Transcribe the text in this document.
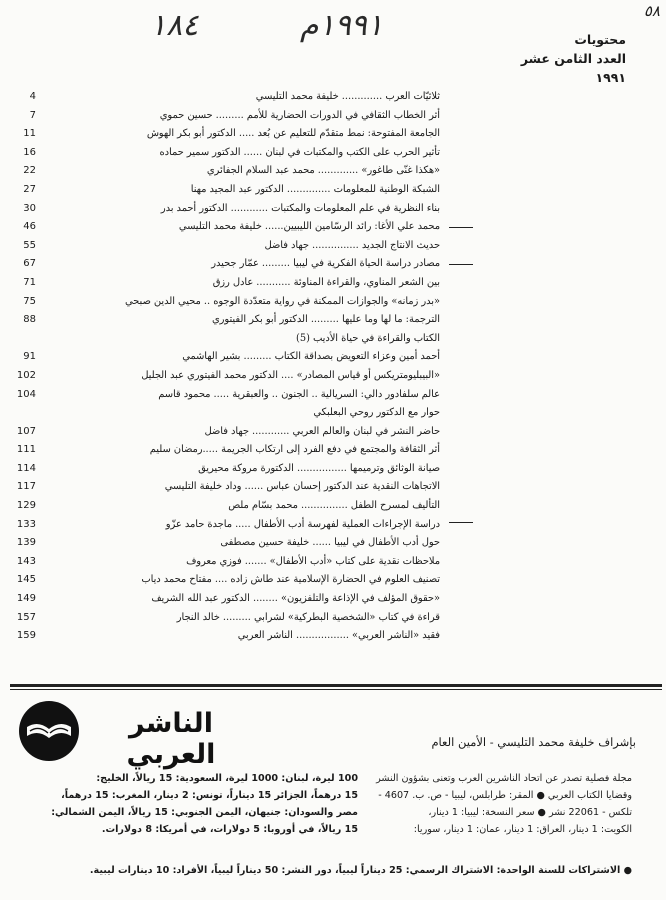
١٨٤	١٩٩١م	٥٨
محتويات
العدد الثامن عشر
١٩٩١
4	ثلاثيّات العرب ............. خليفة محمد التليسي
7	أثر الخطاب الثقافي في الدورات الحضارية للأمم ......... حسين حموي
11	الجامعة المفتوحة: نمط متقدّم للتعليم عن بُعد ..... الدكتور أبو بكر الهوش
16	تأثير الحرب على الكتب والمكتبات في لبنان ...... الدكتور سمير حماده
22	«هكذا غنّى طاغور» ............. محمد عبد السلام الجفائري
27	الشبكة الوطنية للمعلومات .............. الدكتور عبد المجيد مهنا
30	بناء النظرية في علم المعلومات والمكتبات ............ الدكتور أحمد بدر
46	محمد علي الأغا: رائد الرسّامين الليبيين...... خليفة محمد التليسي
55	حديث الانتاج الجديد ............... جهاد فاضل
67	مصادر دراسة الحياة الفكرية في ليبيا ......... عمّار جحيدر
71	بين الشعر المناوي، والقراءة المناوئة ........... عادل رزق
75	«بدر زمانه» والجوازات الممكنة في رواية متعدّدة الوجوه .. محيي الدين صبحي
88	الترجمة: ما لها وما عليها ......... الدكتور أبو بكر الفيتوري
الكتاب والقراءة في حياة الأديب (5)
91	أحمد أمين وعزاء التعويض بصداقة الكتاب ......... بشير الهاشمي
102	«البيبليومتريكس أو قياس المصادر» .... الدكتور محمد الفيتوري عبد الجليل
104	عالم سلفادور دالي: السريالية .. الجنون .. والعبقرية ..... محمود قاسم
حوار مع الدكتور روحي البعلبكي
107	حاضر النشر في لبنان والعالم العربي ............ جهاد فاضل
111	أثر الثقافة والمجتمع في دفع الفرد إلى ارتكاب الجريمة .....رمضان سليم
114	صيانة الوثائق وترميمها ................ الدكتورة مروكة محيريق
117	الاتجاهات النقدية عند الدكتور إحسان عباس ...... وداد خليفة التليسي
129	التأليف لمسرح الطفل ............... محمد بسّام ملص
133	دراسة الإجراءات العملية لفهرسة أدب الأطفال ..... ماجدة حامد عزّو
139	حول أدب الأطفال في ليبيا ...... خليفة حسين مصطفى
143	ملاحظات نقدية على كتاب «أدب الأطفال» ....... فوزي معروف
145	تصنيف العلوم في الحضارة الإسلامية عند طاش زاده .... مفتاح محمد دياب
149	«حقوق المؤلف في الإذاعة والتلفزيون» ........ الدكتور عبد الله الشريف
157	قراءة في كتاب «الشخصية البطركية» لشرابي ......... خالد النجار
159	فقيد «الناشر العربي» ................. الناشر العربي
الناشر العربي	بإشراف خليفة محمد التليسي - الأمين العام

مجلة فصلية تصدر عن اتحاد الناشرين العرب وتعنى بشؤون النشر

وقضايا الكتاب العربي ● المقر: طرابلس، ليبيا - ص. ب. 4607 -

تلكس - 22061 نشر ● سعر النسخة: ليبيا: 1 دينار،

الكويت: 1 دينار، العراق: 1 دينار، عمان: 1 دينار، سوريا:

100 ليرة، لبنان: 1000 ليرة، السعودية: 15 ريالاً، الخليج:

15 درهماً، الجزائر 15 ديناراً، تونس: 2 دينار، المغرب: 15 درهماً،

مصر والسودان: جنيهان، اليمن الجنوبي: 15 ريالاً، اليمن الشمالي:

15 ريالاً، في أوروبا: 5 دولارات، في أمريكا: 8 دولارات.

● الاشتراكات للسنة الواحدة: الاشتراك الرسمي: 25 ديناراً ليبياً، دور النشر: 50 ديناراً ليبياً، الأفراد: 10 دينارات ليبية.
